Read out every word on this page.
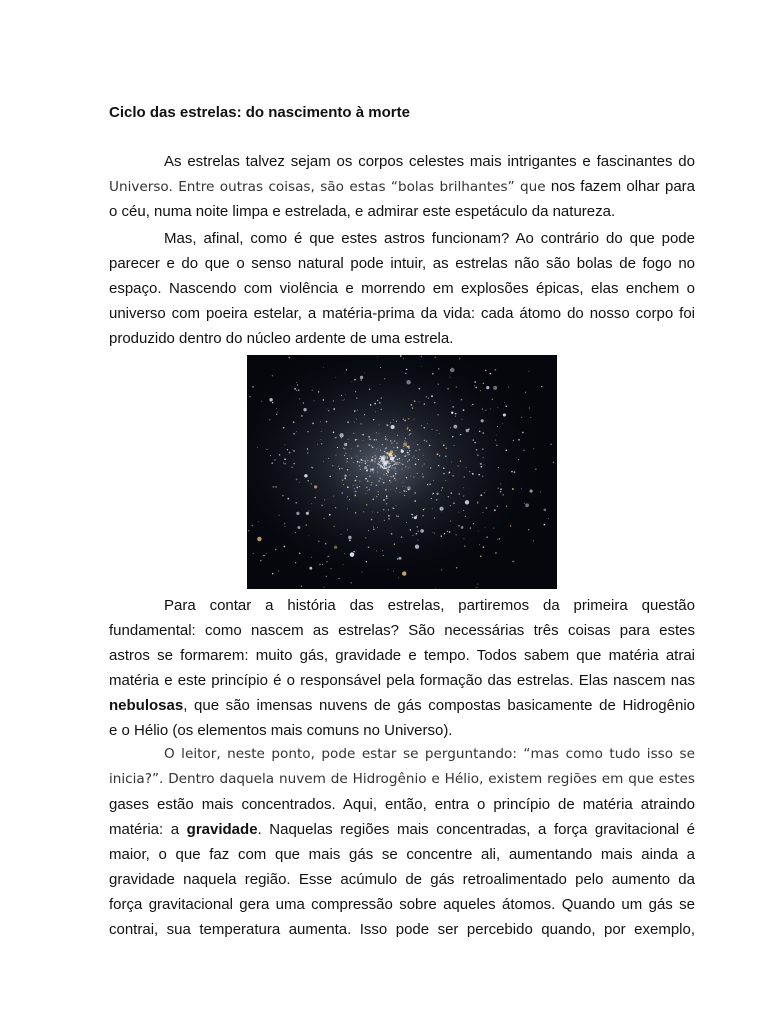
Ciclo das estrelas: do nascimento à morte
As estrelas talvez sejam os corpos celestes mais intrigantes e fascinantes do
Universo. Entre outras coisas, são estas “bolas brilhantes” que nos fazem olhar para
o céu, numa noite limpa e estrelada, e admirar este espetáculo da natureza.
Mas, afinal, como é que estes astros funcionam? Ao contrário do que pode
parecer e do que o senso natural pode intuir, as estrelas não são bolas de fogo no
espaço. Nascendo com violência e morrendo em explosões épicas, elas enchem o
universo com poeira estelar, a matéria-prima da vida: cada átomo do nosso corpo foi
produzido dentro do núcleo ardente de uma estrela.
Para contar a história das estrelas, partiremos da primeira questão
fundamental: como nascem as estrelas? São necessárias três coisas para estes
astros se formarem: muito gás, gravidade e tempo. Todos sabem que matéria atrai
matéria e este princípio é o responsável pela formação das estrelas. Elas nascem nas
nebulosas, que são imensas nuvens de gás compostas basicamente de Hidrogênio
e o Hélio (os elementos mais comuns no Universo).
O leitor, neste ponto, pode estar se perguntando: “mas como tudo isso se
inicia?”. Dentro daquela nuvem de Hidrogênio e Hélio, existem regiões em que estes
gases estão mais concentrados. Aqui, então, entra o princípio de matéria atraindo
matéria: a gravidade. Naquelas regiões mais concentradas, a força gravitacional é
maior, o que faz com que mais gás se concentre ali, aumentando mais ainda a
gravidade naquela região. Esse acúmulo de gás retroalimentado pelo aumento da
força gravitacional gera uma compressão sobre aqueles átomos. Quando um gás se
contrai, sua temperatura aumenta. Isso pode ser percebido quando, por exemplo,
